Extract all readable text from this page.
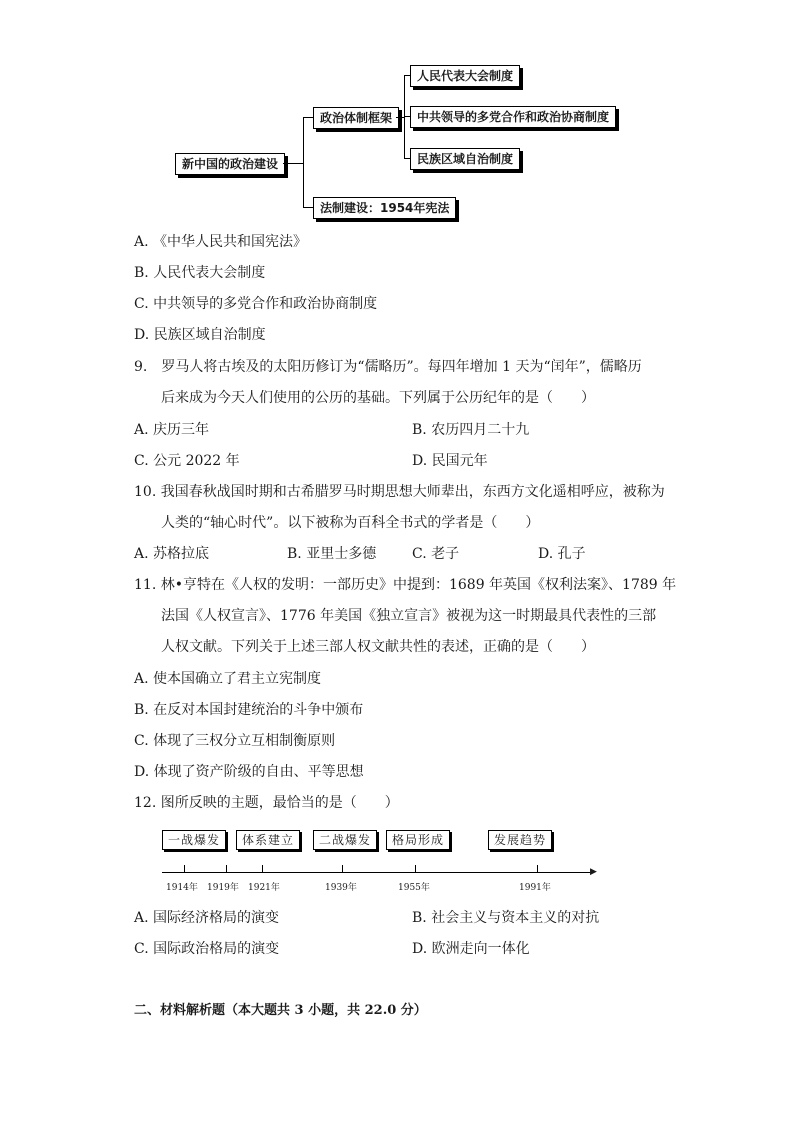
新中国的政治建设
政治体制框架
人民代表大会制度
中共领导的多党合作和政治协商制度
民族区域自治制度
法制建设：1954年宪法
A. 《中华人民共和国宪法》
B. 人民代表大会制度
C. 中共领导的多党合作和政治协商制度
D. 民族区域自治制度
9.　罗马人将古埃及的太阳历修订为“儒略历”。每四年增加 1 天为“闰年”，儒略历
后来成为今天人们使用的公历的基础。下列属于公历纪年的是（　　）
A. 庆历三年	B. 农历四月二十九
C. 公元 2022 年	D. 民国元年
10. 我国春秋战国时期和古希腊罗马时期思想大师辈出，东西方文化遥相呼应，被称为
人类的“轴心时代”。以下被称为百科全书式的学者是（　　）
A. 苏格拉底	B. 亚里士多德	C. 老子	D. 孔子
11. 林•亨特在《人权的发明：一部历史》中提到：1689 年英国《权利法案》、1789 年
法国《人权宣言》、1776 年美国《独立宣言》被视为这一时期最具代表性的三部
人权文献。下列关于上述三部人权文献共性的表述，正确的是（　　）
A. 使本国确立了君主立宪制度
B. 在反对本国封建统治的斗争中颁布
C. 体现了三权分立互相制衡原则
D. 体现了资产阶级的自由、平等思想
12. 图所反映的主题，最恰当的是（　　）
一战爆发	体系建立	二战爆发	格局形成	发展趋势
▶
1914年 1919年 1921年	1939年	1955年	1991年
A. 国际经济格局的演变	B. 社会主义与资本主义的对抗
C. 国际政治格局的演变	D. 欧洲走向一体化
二、材料解析题（本大题共 3 小题，共 22.0 分）
